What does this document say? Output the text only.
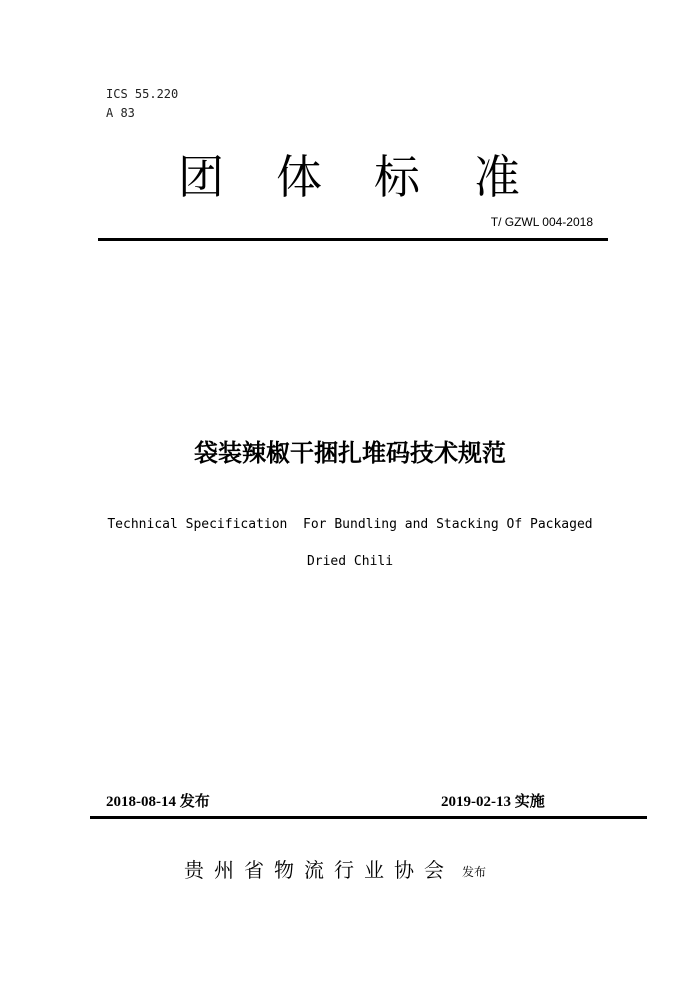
ICS 55.220
A 83
团 体 标 准
T/ GZWL 004-2018
袋装辣椒干捆扎堆码技术规范
Technical Specification  For Bundling and Stacking Of Packaged
Dried Chili
2018-08-14 发布	2019-02-13 实施
贵 州 省 物 流 行 业 协 会 发布
